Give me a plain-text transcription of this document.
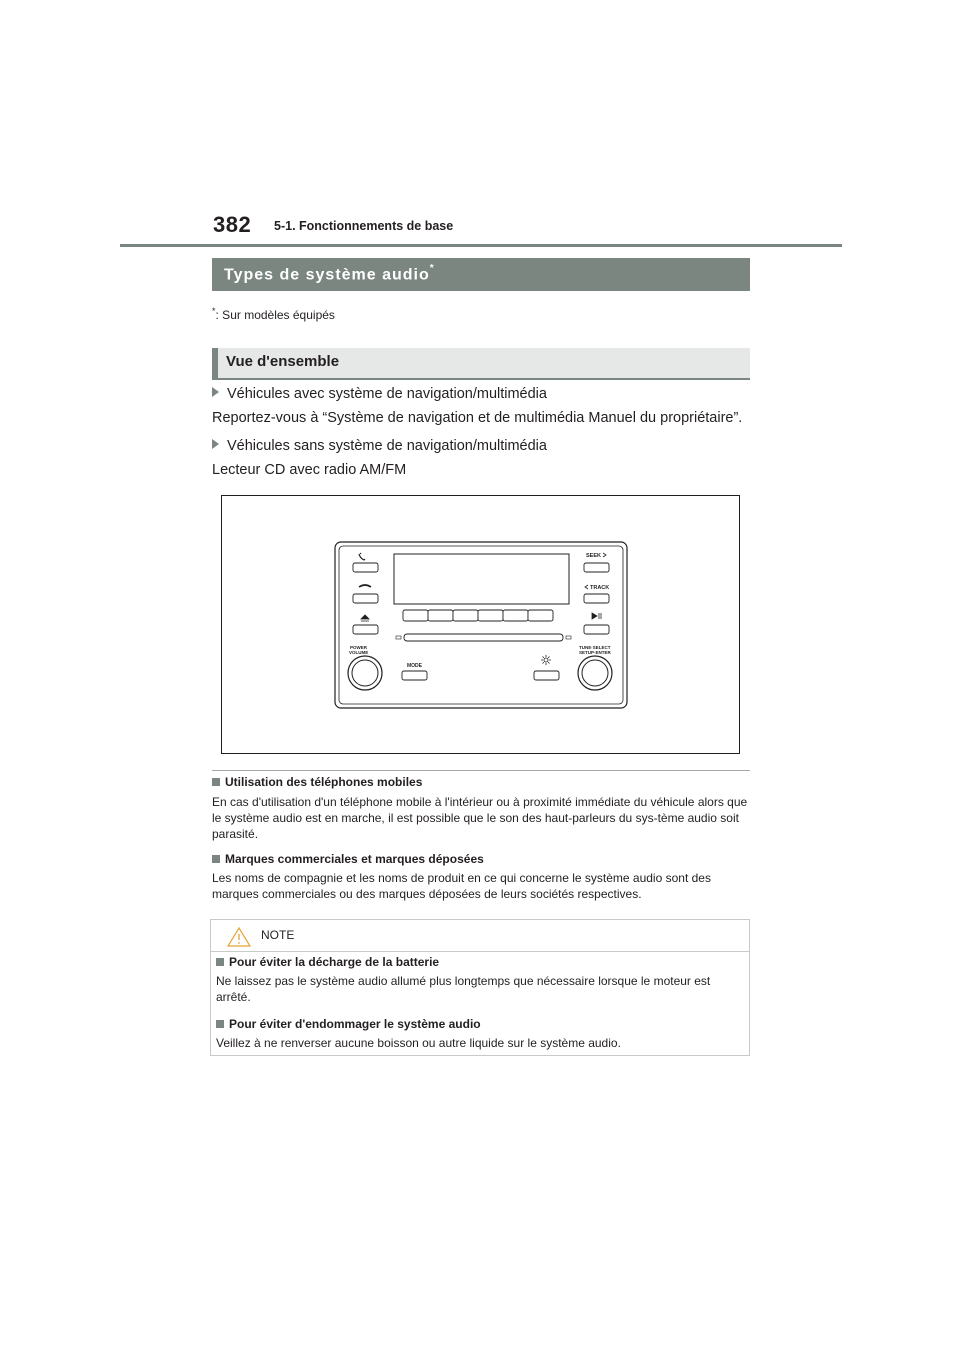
382 5-1. Fonctionnements de base
Types de système audio*
*: Sur modèles équipés
Vue d'ensemble
Véhicules avec système de navigation/multimédia
Reportez-vous à “Système de navigation et de multimédia Manuel du propriétaire”.
Véhicules sans système de navigation/multimédia
Lecteur CD avec radio AM/FM
SEEK
TRACK
POWER
VOLUME
MODE
TUNE·SELECT
SETUP·ENTER
Utilisation des téléphones mobiles
En cas d'utilisation d'un téléphone mobile à l'intérieur ou à proximité immédiate du véhicule alors que le système audio est en marche, il est possible que le son des haut-parleurs du sys-tème audio soit parasité.
Marques commerciales et marques déposées
Les noms de compagnie et les noms de produit en ce qui concerne le système audio sont des marques commerciales ou des marques déposées de leurs sociétés respectives.
NOTE
Pour éviter la décharge de la batterie
Ne laissez pas le système audio allumé plus longtemps que nécessaire lorsque le moteur est arrêté.
Pour éviter d'endommager le système audio
Veillez à ne renverser aucune boisson ou autre liquide sur le système audio.
